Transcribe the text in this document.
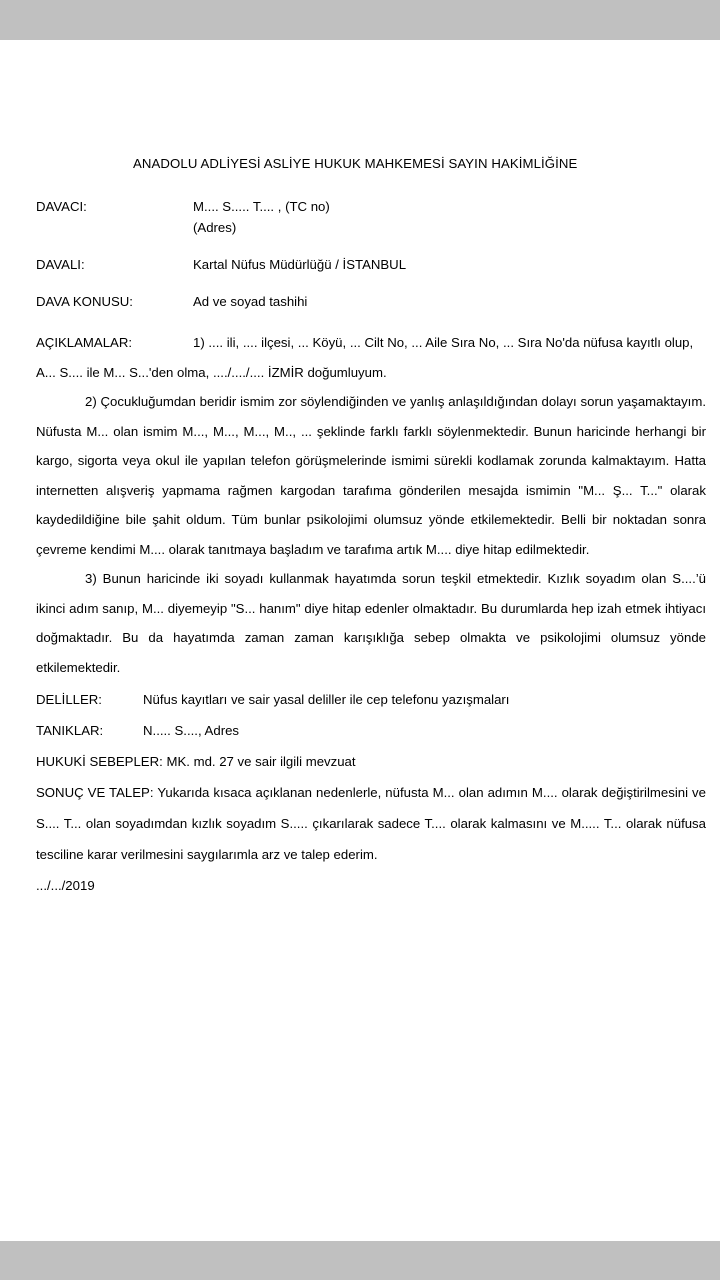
ANADOLU ADLİYESİ ASLİYE HUKUK MAHKEMESİ SAYIN HAKİMLİĞİNE
DAVACI:	M.... S..... T.... , (TC no)
(Adres)
DAVALI:	Kartal Nüfus Müdürlüğü / İSTANBUL
DAVA KONUSU:	Ad ve soyad tashihi

AÇIKLAMALAR:	1) .... ili, .... ilçesi, ... Köyü, ... Cilt No, ... Aile Sıra No, ... Sıra No'da nüfusa kayıtlı olup, A... S.... ile M... S...'den olma, ..../..../.... İZMİR doğumluyum.

2) Çocukluğumdan beridir ismim zor söylendiğinden ve yanlış anlaşıldığından dolayı sorun yaşamaktayım. Nüfusta M... olan ismim M..., M..., M..., M.., ... şeklinde farklı farklı söylenmektedir. Bunun haricinde herhangi bir kargo, sigorta veya okul ile yapılan telefon görüşmelerinde ismimi sürekli kodlamak zorunda kalmaktayım. Hatta internetten alışveriş yapmama rağmen kargodan tarafıma gönderilen mesajda ismimin "M... Ş... T..." olarak kaydedildiğine bile şahit oldum. Tüm bunlar psikolojimi olumsuz yönde etkilemektedir. Belli bir noktadan sonra çevreme kendimi M.... olarak tanıtmaya başladım ve tarafıma artık M.... diye hitap edilmektedir.

3) Bunun haricinde iki soyadı kullanmak hayatımda sorun teşkil etmektedir. Kızlık soyadım olan S....’ü ikinci adım sanıp, M... diyemeyip "S... hanım" diye hitap edenler olmaktadır. Bu durumlarda hep izah etmek ihtiyacı doğmaktadır. Bu da hayatımda zaman zaman karışıklığa sebep olmakta ve psikolojimi olumsuz yönde etkilemektedir.

DELİLLER:	Nüfus kayıtları ve sair yasal deliller ile cep telefonu yazışmaları
TANIKLAR:	N..... S...., Adres
HUKUKİ SEBEPLER: MK. md. 27 ve sair ilgili mevzuat

SONUÇ VE TALEP: Yukarıda kısaca açıklanan nedenlerle, nüfusta M... olan adımın M.... olarak değiştirilmesini ve S.... T... olan soyadımdan kızlık soyadım S..... çıkarılarak sadece T.... olarak kalmasını ve M..... T... olarak nüfusa tesciline karar verilmesini saygılarımla arz ve talep ederim.

.../.../2019
